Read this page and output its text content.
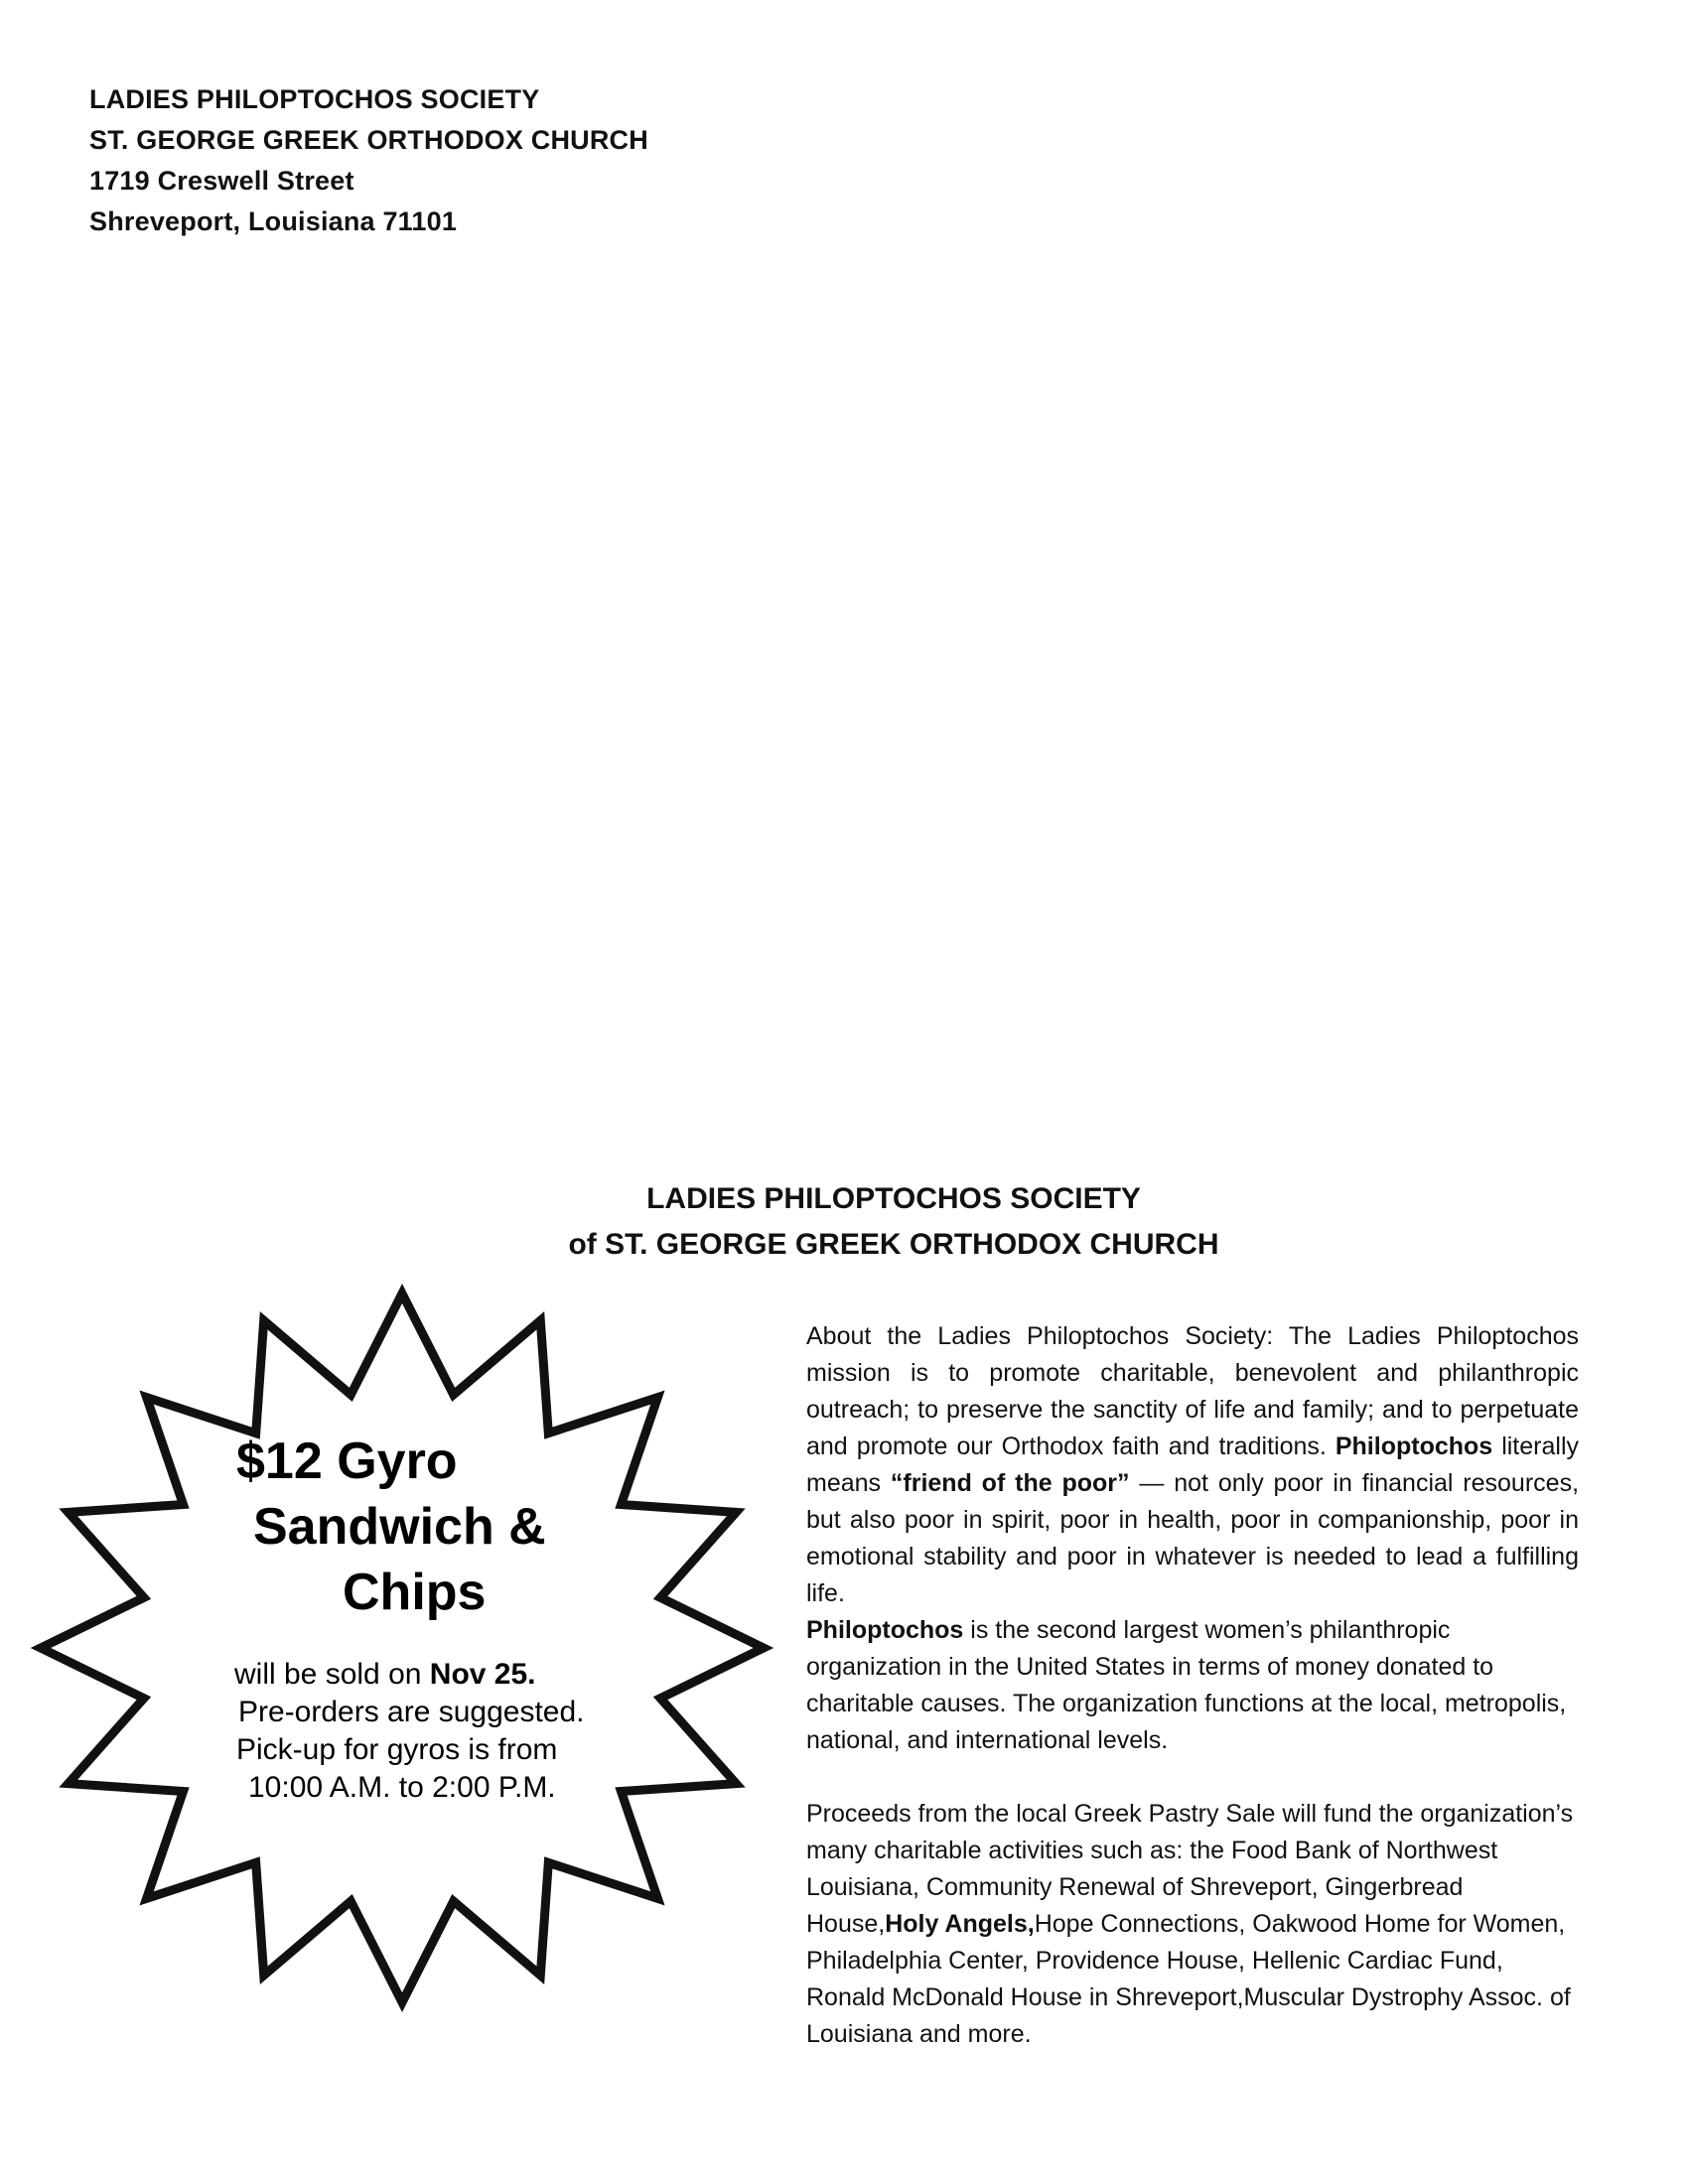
LADIES PHILOPTOCHOS SOCIETY
ST. GEORGE GREEK ORTHODOX CHURCH
1719 Creswell Street
Shreveport, Louisiana 71101
LADIES PHILOPTOCHOS SOCIETY
of ST. GEORGE GREEK ORTHODOX CHURCH
$12 Gyro
Sandwich &
Chips
will be sold on Nov 25.
Pre-orders are suggested.
Pick-up for gyros is from
10:00 A.M. to 2:00 P.M.

About the Ladies Philoptochos Society: The Ladies Philoptochos mission is to promote charitable, benevolent and philanthropic outreach; to preserve the sanctity of life and family; and to perpetuate and promote our Orthodox faith and traditions. Philoptochos literally means “friend of the poor” — not only poor in financial resources, but also poor in spirit, poor in health, poor in companionship, poor in emotional stability and poor in whatever is needed to lead a fulfilling life.

Philoptochos is the second largest women’s philanthropic organization in the United States in terms of money donated to charitable causes. The organization functions at the local, metropolis, national, and international levels.

Proceeds from the local Greek Pastry Sale will fund the organization’s many charitable activities such as: the Food Bank of Northwest Louisiana, Community Renewal of Shreveport, Gingerbread House,Holy Angels,Hope Connections, Oakwood Home for Women, Philadelphia Center, Providence House, Hellenic Cardiac Fund, Ronald McDonald House in Shreveport,Muscular Dystrophy Assoc. of Louisiana and more.
